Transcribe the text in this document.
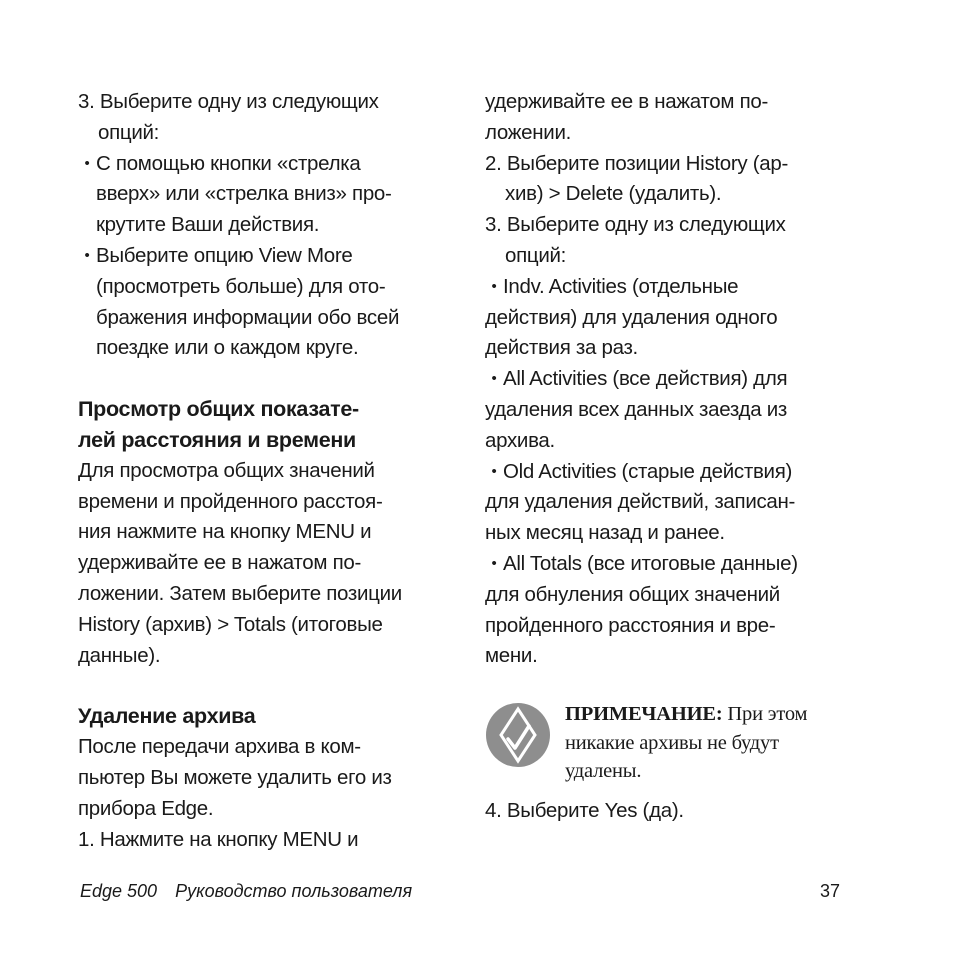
3. Выберите одну из следующих
опций:
• С помощью кнопки «стрелка
вверх» или «стрелка вниз» про-
крутите Ваши действия.
• Выберите опцию View More
(просмотреть больше) для ото-
бражения информации обо всей
поездке или о каждом круге.
Просмотр общих показате-
лей расстояния и времени
Для просмотра общих значений
времени и пройденного расстоя-
ния нажмите на кнопку MENU и
удерживайте ее в нажатом по-
ложении. Затем выберите позиции
History (архив) > Totals (итоговые
данные).
Удаление архива
После передачи архива в ком-
пьютер Вы можете удалить его из
прибора Edge.
1. Нажмите на кнопку MENU и
удерживайте ее в нажатом по-
ложении.
2. Выберите позиции History (ар-
хив) > Delete (удалить).
3. Выберите одну из следующих
опций:
• Indv. Activities (отдельные
действия) для удаления одного
действия за раз.
• All Activities (все действия) для
удаления всех данных заезда из
архива.
• Old Activities (старые действия)
для удаления действий, записан-
ных месяц назад и ранее.
• All Totals (все итоговые данные)
для обнуления общих значений
пройденного расстояния и вре-
мени.
ПРИМЕЧАНИЕ: При этом
никакие архивы не будут
удалены.
4. Выберите Yes (да).
Edge 500 Руководство пользователя	37
